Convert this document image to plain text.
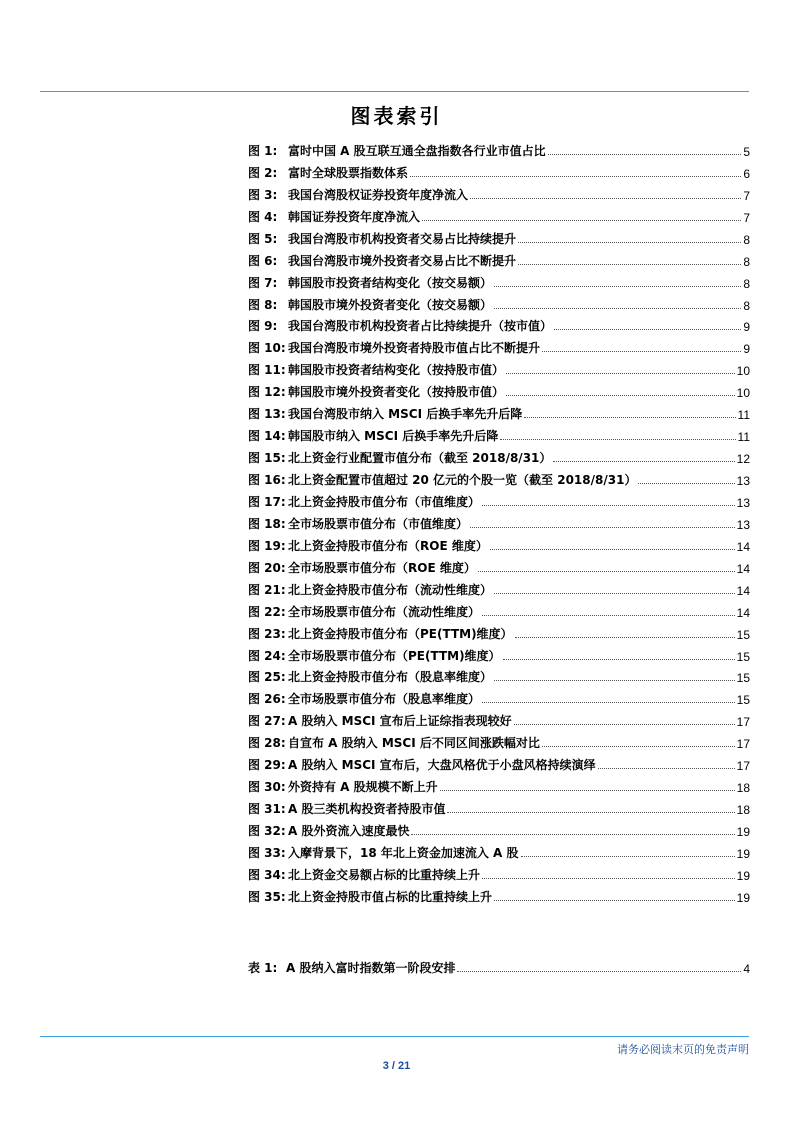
图表索引
图 1: 富时中国 A 股互联互通全盘指数各行业市值占比	5
图 2: 富时全球股票指数体系	6
图 3: 我国台湾股权证券投资年度净流入	7
图 4: 韩国证券投资年度净流入	7
图 5: 我国台湾股市机构投资者交易占比持续提升	8
图 6: 我国台湾股市境外投资者交易占比不断提升	8
图 7: 韩国股市投资者结构变化（按交易额）	8
图 8: 韩国股市境外投资者变化（按交易额）	8
图 9: 我国台湾股市机构投资者占比持续提升（按市值）	9
图 10: 我国台湾股市境外投资者持股市值占比不断提升	9
图 11: 韩国股市投资者结构变化（按持股市值）	10
图 12: 韩国股市境外投资者变化（按持股市值）	10
图 13: 我国台湾股市纳入 MSCI 后换手率先升后降	11
图 14: 韩国股市纳入 MSCI 后换手率先升后降	11
图 15: 北上资金行业配置市值分布（截至 2018/8/31）	12
图 16: 北上资金配置市值超过 20 亿元的个股一览（截至 2018/8/31）	13
图 17: 北上资金持股市值分布（市值维度）	13
图 18: 全市场股票市值分布（市值维度）	13
图 19: 北上资金持股市值分布（ROE 维度）	14
图 20: 全市场股票市值分布（ROE 维度）	14
图 21: 北上资金持股市值分布（流动性维度）	14
图 22: 全市场股票市值分布（流动性维度）	14
图 23: 北上资金持股市值分布（PE(TTM)维度）	15
图 24: 全市场股票市值分布（PE(TTM)维度）	15
图 25: 北上资金持股市值分布（股息率维度）	15
图 26: 全市场股票市值分布（股息率维度）	15
图 27: A 股纳入 MSCI 宣布后上证综指表现较好	17
图 28: 自宣布 A 股纳入 MSCI 后不同区间涨跌幅对比	17
图 29: A 股纳入 MSCI 宣布后，大盘风格优于小盘风格持续演绎	17
图 30: 外资持有 A 股规模不断上升	18
图 31: A 股三类机构投资者持股市值	18
图 32: A 股外资流入速度最快	19
图 33: 入摩背景下，18 年北上资金加速流入 A 股	19
图 34: 北上资金交易额占标的比重持续上升	19
图 35: 北上资金持股市值占标的比重持续上升	19
表 1: A 股纳入富时指数第一阶段安排	4
请务必阅读末页的免责声明
3 / 21
